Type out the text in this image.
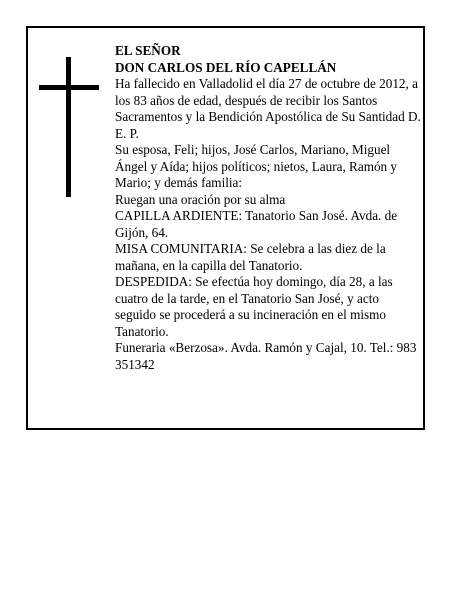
EL SEÑOR

DON CARLOS DEL RÍO CAPELLÁN

Ha fallecido en Valladolid el día 27 de octubre de 2012, a los 83 años de edad, después de recibir los Santos Sacramentos y la Bendición Apostólica de Su Santidad D. E. P.

Su esposa, Feli; hijos, José Carlos, Mariano, Miguel Ángel y Aída; hijos políticos; nietos, Laura, Ramón y Mario; y demás familia:

Ruegan una oración por su alma

CAPILLA ARDIENTE: Tanatorio San José. Avda. de Gijón, 64.

MISA COMUNITARIA: Se celebra a las diez de la mañana, en la capilla del Tanatorio.

DESPEDIDA: Se efectúa hoy domingo, día 28, a las cuatro de la tarde, en el Tanatorio San José, y acto seguido se procederá a su incineración en el mismo Tanatorio.

Funeraria «Berzosa». Avda. Ramón y Cajal, 10. Tel.: 983 351342
